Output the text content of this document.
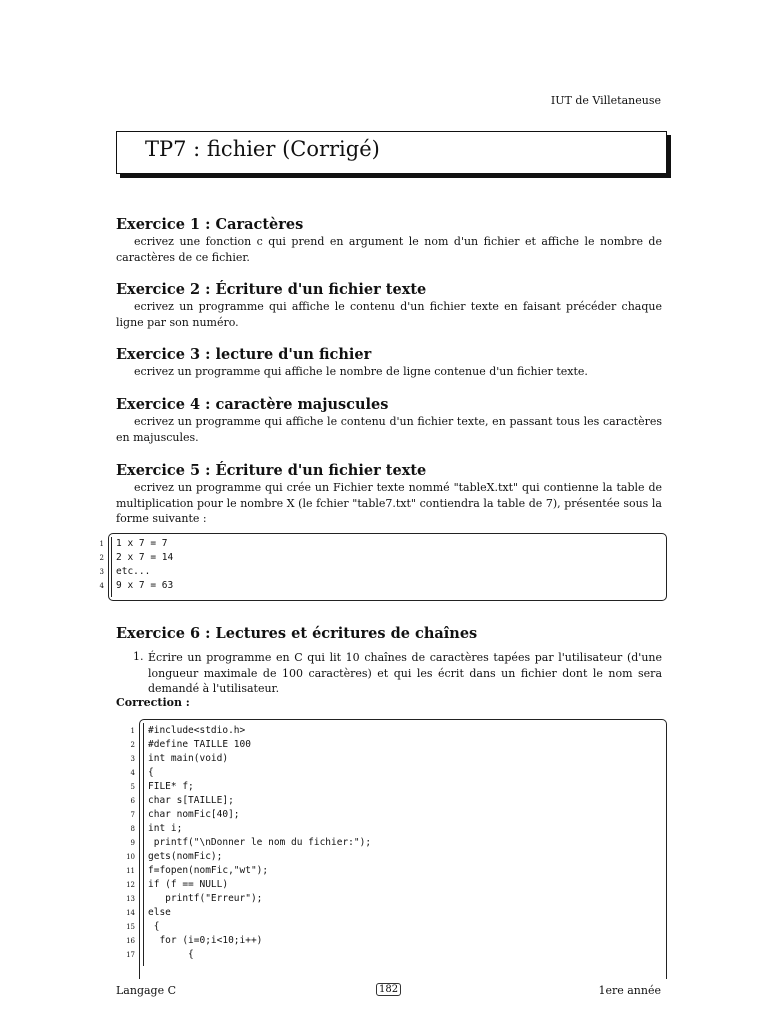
IUT de Villetaneuse
TP7 : fichier (Corrigé)
Exercice 1 : Caractères
ecrivez une fonction c qui prend en argument le nom d'un fichier et affiche le nombre de caractères de ce fichier.
Exercice 2 : Écriture d'un fichier texte
ecrivez un programme qui affiche le contenu d'un fichier texte en faisant précéder chaque ligne par son numéro.
Exercice 3 : lecture d'un fichier
ecrivez un programme qui affiche le nombre de ligne contenue d'un fichier texte.
Exercice 4 : caractère majuscules
ecrivez un programme qui affiche le contenu d'un fichier texte, en passant tous les caractères en majuscules.
Exercice 5 : Écriture d'un fichier texte
ecrivez un programme qui crée un Fichier texte nommé "tableX.txt" qui contienne la table de multiplication pour le nombre X (le fchier "table7.txt" contiendra la table de 7), présentée sous la forme suivante :
1
2
3
4
1 x 7 = 7
2 x 7 = 14
etc...
9 x 7 = 63
Exercice 6 : Lectures et écritures de chaînes
1. Écrire un programme en C qui lit 10 chaînes de caractères tapées par l'utilisateur (d'une longueur maximale de 100 caractères) et qui les écrit dans un fichier dont le nom sera demandé à l'utilisateur.
Correction :
1
2
3
4
5
6
7
8
9
10
11
12
13
14
15
16
17
#include<stdio.h>
#define TAILLE 100
int main(void)
{
FILE* f;
char s[TAILLE];
char nomFic[40];
int i;
printf("\nDonner le nom du fichier:");
gets(nomFic);
f=fopen(nomFic,"wt");
if (f == NULL)
printf("Erreur");
else
{
for (i=0;i<10;i++)
{
Langage C	182	1ere année
